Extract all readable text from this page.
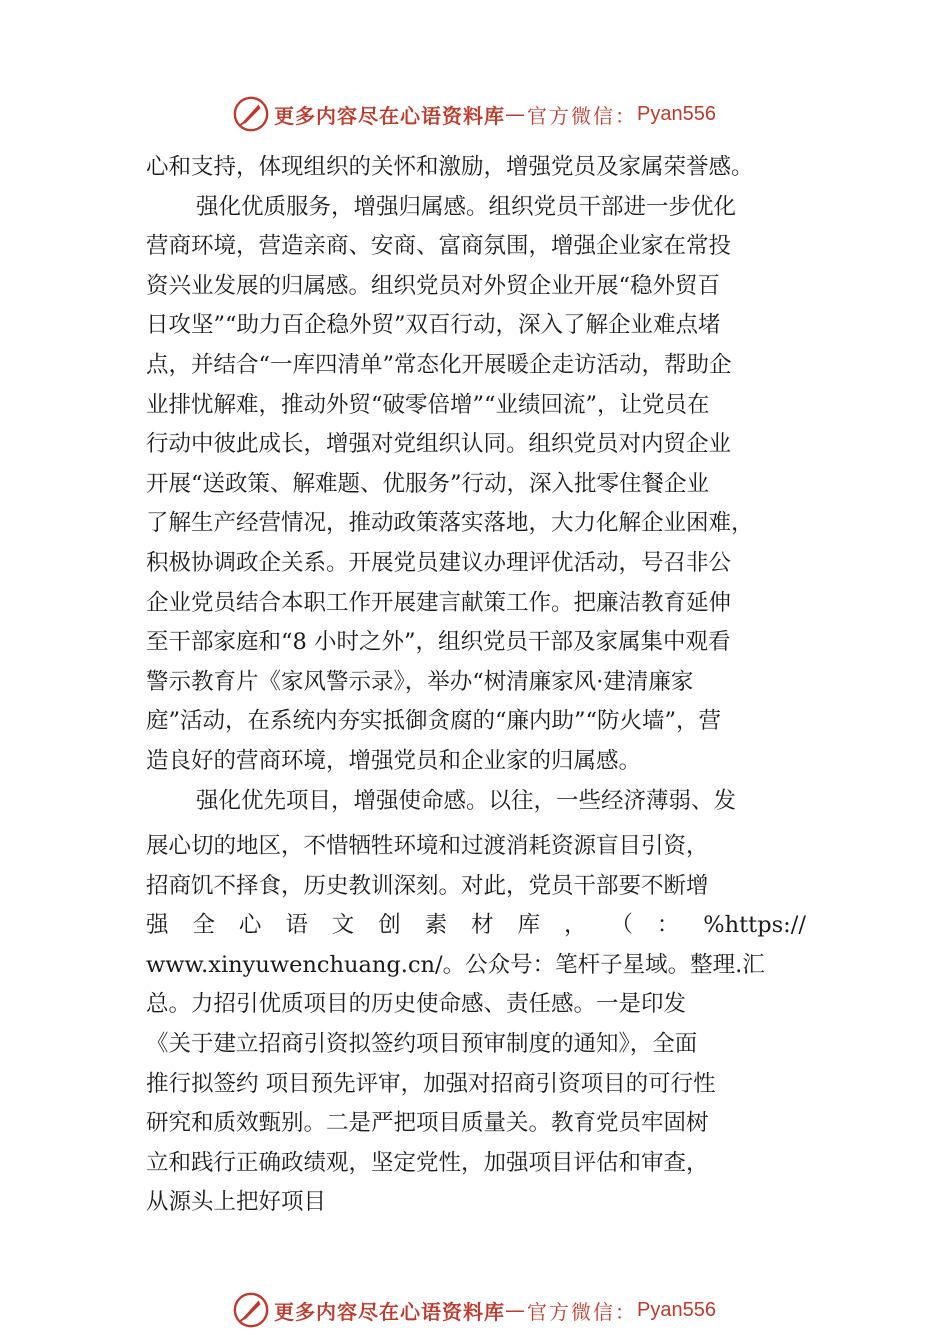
更多内容尽在心语资料库 — 官方微信： Pyan556
心和支持，体现组织的关怀和激励，增强党员及家属荣誉感。
强化优质服务，增强归属感。组织党员干部进一步优化
营商环境，营造亲商、安商、富商氛围，增强企业家在常投
资兴业发展的归属感。组织党员对外贸企业开展“稳外贸百
日攻坚”“助力百企稳外贸”双百行动，深入了解企业难点堵
点，并结合“一库四清单”常态化开展暖企走访活动，帮助企
业排忧解难，推动外贸“破零倍增”“业绩回流”，让党员在
行动中彼此成长，增强对党组织认同。组织党员对内贸企业
开展“送政策、解难题、优服务”行动，深入批零住餐企业
了解生产经营情况，推动政策落实落地，大力化解企业困难，
积极协调政企关系。开展党员建议办理评优活动，号召非公
企业党员结合本职工作开展建言献策工作。把廉洁教育延伸
至干部家庭和“8 小时之外”，组织党员干部及家属集中观看
警示教育片《家风警示录》，举办“树清廉家风·建清廉家
庭”活动，在系统内夯实抵御贪腐的“廉内助”“防火墙”，营
造良好的营商环境，增强党员和企业家的归属感。
强化优先项目，增强使命感。以往，一些经济薄弱、发
展心切的地区，不惜牺牲环境和过渡消耗资源盲目引资，
招商饥不择食，历史教训深刻。对此，党员干部要不断增
强 全 心 语 文 创 素 材 库 ， （ ： %https://
www.xinyuwenchuang.cn/。公众号：笔杆子星域。整理.汇
总。力招引优质项目的历史使命感、责任感。一是印发
《关于建立招商引资拟签约项目预审制度的通知》，全面
推行拟签约 项目预先评审，加强对招商引资项目的可行性
研究和质效甄别。二是严把项目质量关。教育党员牢固树
立和践行正确政绩观，坚定党性，加强项目评估和审查，
从源头上把好项目
更多内容尽在心语资料库 — 官方微信： Pyan556
